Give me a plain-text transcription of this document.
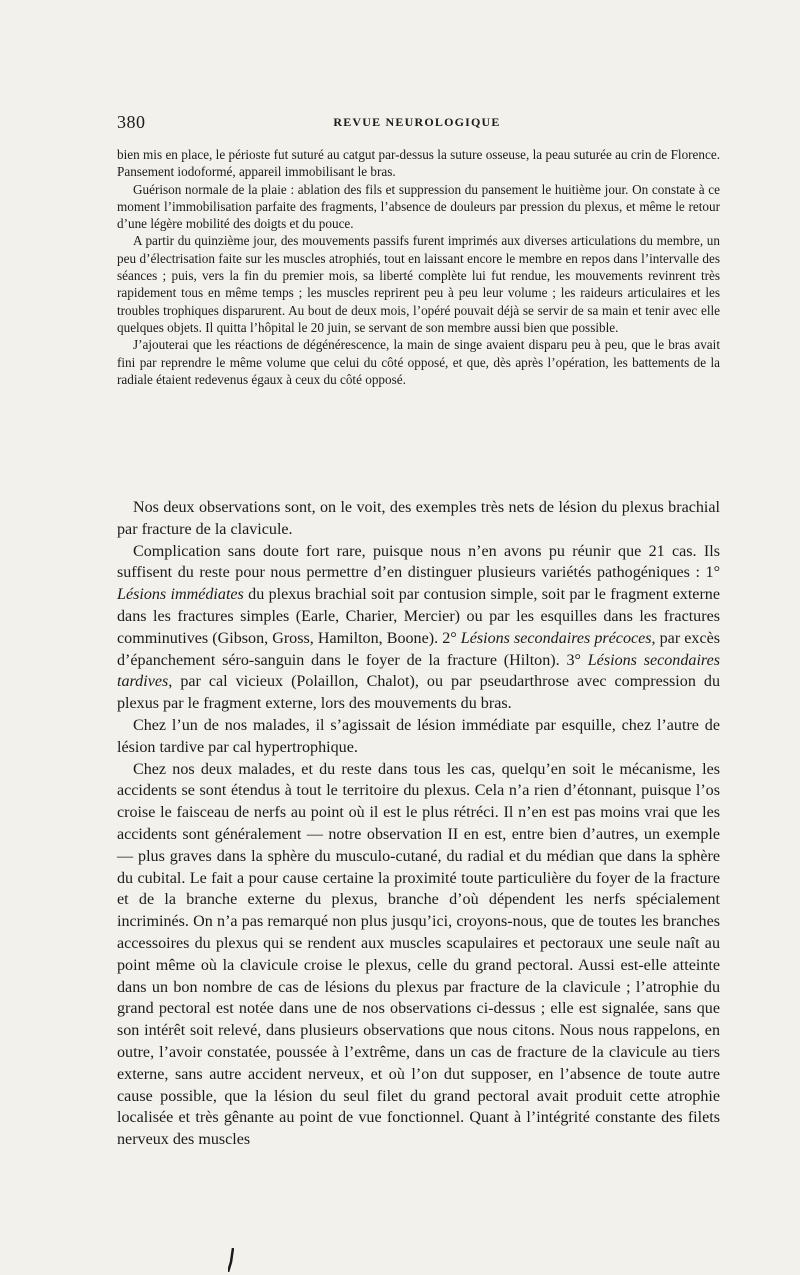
380	REVUE NEUROLOGIQUE

bien mis en place, le périoste fut suturé au catgut par-dessus la suture osseuse, la peau suturée au crin de Florence. Pansement iodoformé, appareil immobilisant le bras.

Guérison normale de la plaie : ablation des fils et suppression du pansement le huitième jour. On constate à ce moment l’immobilisation parfaite des fragments, l’absence de douleurs par pression du plexus, et même le retour d’une légère mobilité des doigts et du pouce.

A partir du quinzième jour, des mouvements passifs furent imprimés aux diverses articulations du membre, un peu d’électrisation faite sur les muscles atrophiés, tout en laissant encore le membre en repos dans l’intervalle des séances ; puis, vers la fin du premier mois, sa liberté complète lui fut rendue, les mouvements revinrent très rapidement tous en même temps ; les muscles reprirent peu à peu leur volume ; les raideurs articulaires et les troubles trophiques disparurent. Au bout de deux mois, l’opéré pouvait déjà se servir de sa main et tenir avec elle quelques objets. Il quitta l’hôpital le 20 juin, se servant de son membre aussi bien que possible.

J’ajouterai que les réactions de dégénérescence, la main de singe avaient disparu peu à peu, que le bras avait fini par reprendre le même volume que celui du côté opposé, et que, dès après l’opération, les battements de la radiale étaient redevenus égaux à ceux du côté opposé.

Nos deux observations sont, on le voit, des exemples très nets de lésion du plexus brachial par fracture de la clavicule.

Complication sans doute fort rare, puisque nous n’en avons pu réunir que 21 cas. Ils suffisent du reste pour nous permettre d’en distinguer plusieurs variétés pathogéniques : 1° Lésions immédiates du plexus brachial soit par contusion simple, soit par le fragment externe dans les fractures simples (Earle, Charier, Mercier) ou par les esquilles dans les fractures comminutives (Gibson, Gross, Hamilton, Boone). 2° Lésions secondaires précoces, par excès d’épanchement séro-sanguin dans le foyer de la fracture (Hilton). 3° Lésions secondaires tardives, par cal vicieux (Polaillon, Chalot), ou par pseudarthrose avec compression du plexus par le fragment externe, lors des mouvements du bras.

Chez l’un de nos malades, il s’agissait de lésion immédiate par esquille, chez l’autre de lésion tardive par cal hypertrophique.

Chez nos deux malades, et du reste dans tous les cas, quelqu’en soit le mécanisme, les accidents se sont étendus à tout le territoire du plexus. Cela n’a rien d’étonnant, puisque l’os croise le faisceau de nerfs au point où il est le plus rétréci. Il n’en est pas moins vrai que les accidents sont généralement — notre observation II en est, entre bien d’autres, un exemple — plus graves dans la sphère du musculo-cutané, du radial et du médian que dans la sphère du cubital. Le fait a pour cause certaine la proximité toute particulière du foyer de la fracture et de la branche externe du plexus, branche d’où dépendent les nerfs spécialement incriminés. On n’a pas remarqué non plus jusqu’ici, croyons-nous, que de toutes les branches accessoires du plexus qui se rendent aux muscles scapulaires et pectoraux une seule naît au point même où la clavicule croise le plexus, celle du grand pectoral. Aussi est-elle atteinte dans un bon nombre de cas de lésions du plexus par fracture de la clavicule ; l’atrophie du grand pectoral est notée dans une de nos observations ci-dessus ; elle est signalée, sans que son intérêt soit relevé, dans plusieurs observations que nous citons. Nous nous rappelons, en outre, l’avoir constatée, poussée à l’extrême, dans un cas de fracture de la clavicule au tiers externe, sans autre accident nerveux, et où l’on dut supposer, en l’absence de toute autre cause possible, que la lésion du seul filet du grand pectoral avait produit cette atrophie localisée et très gênante au point de vue fonctionnel. Quant à l’intégrité constante des filets nerveux des muscles
